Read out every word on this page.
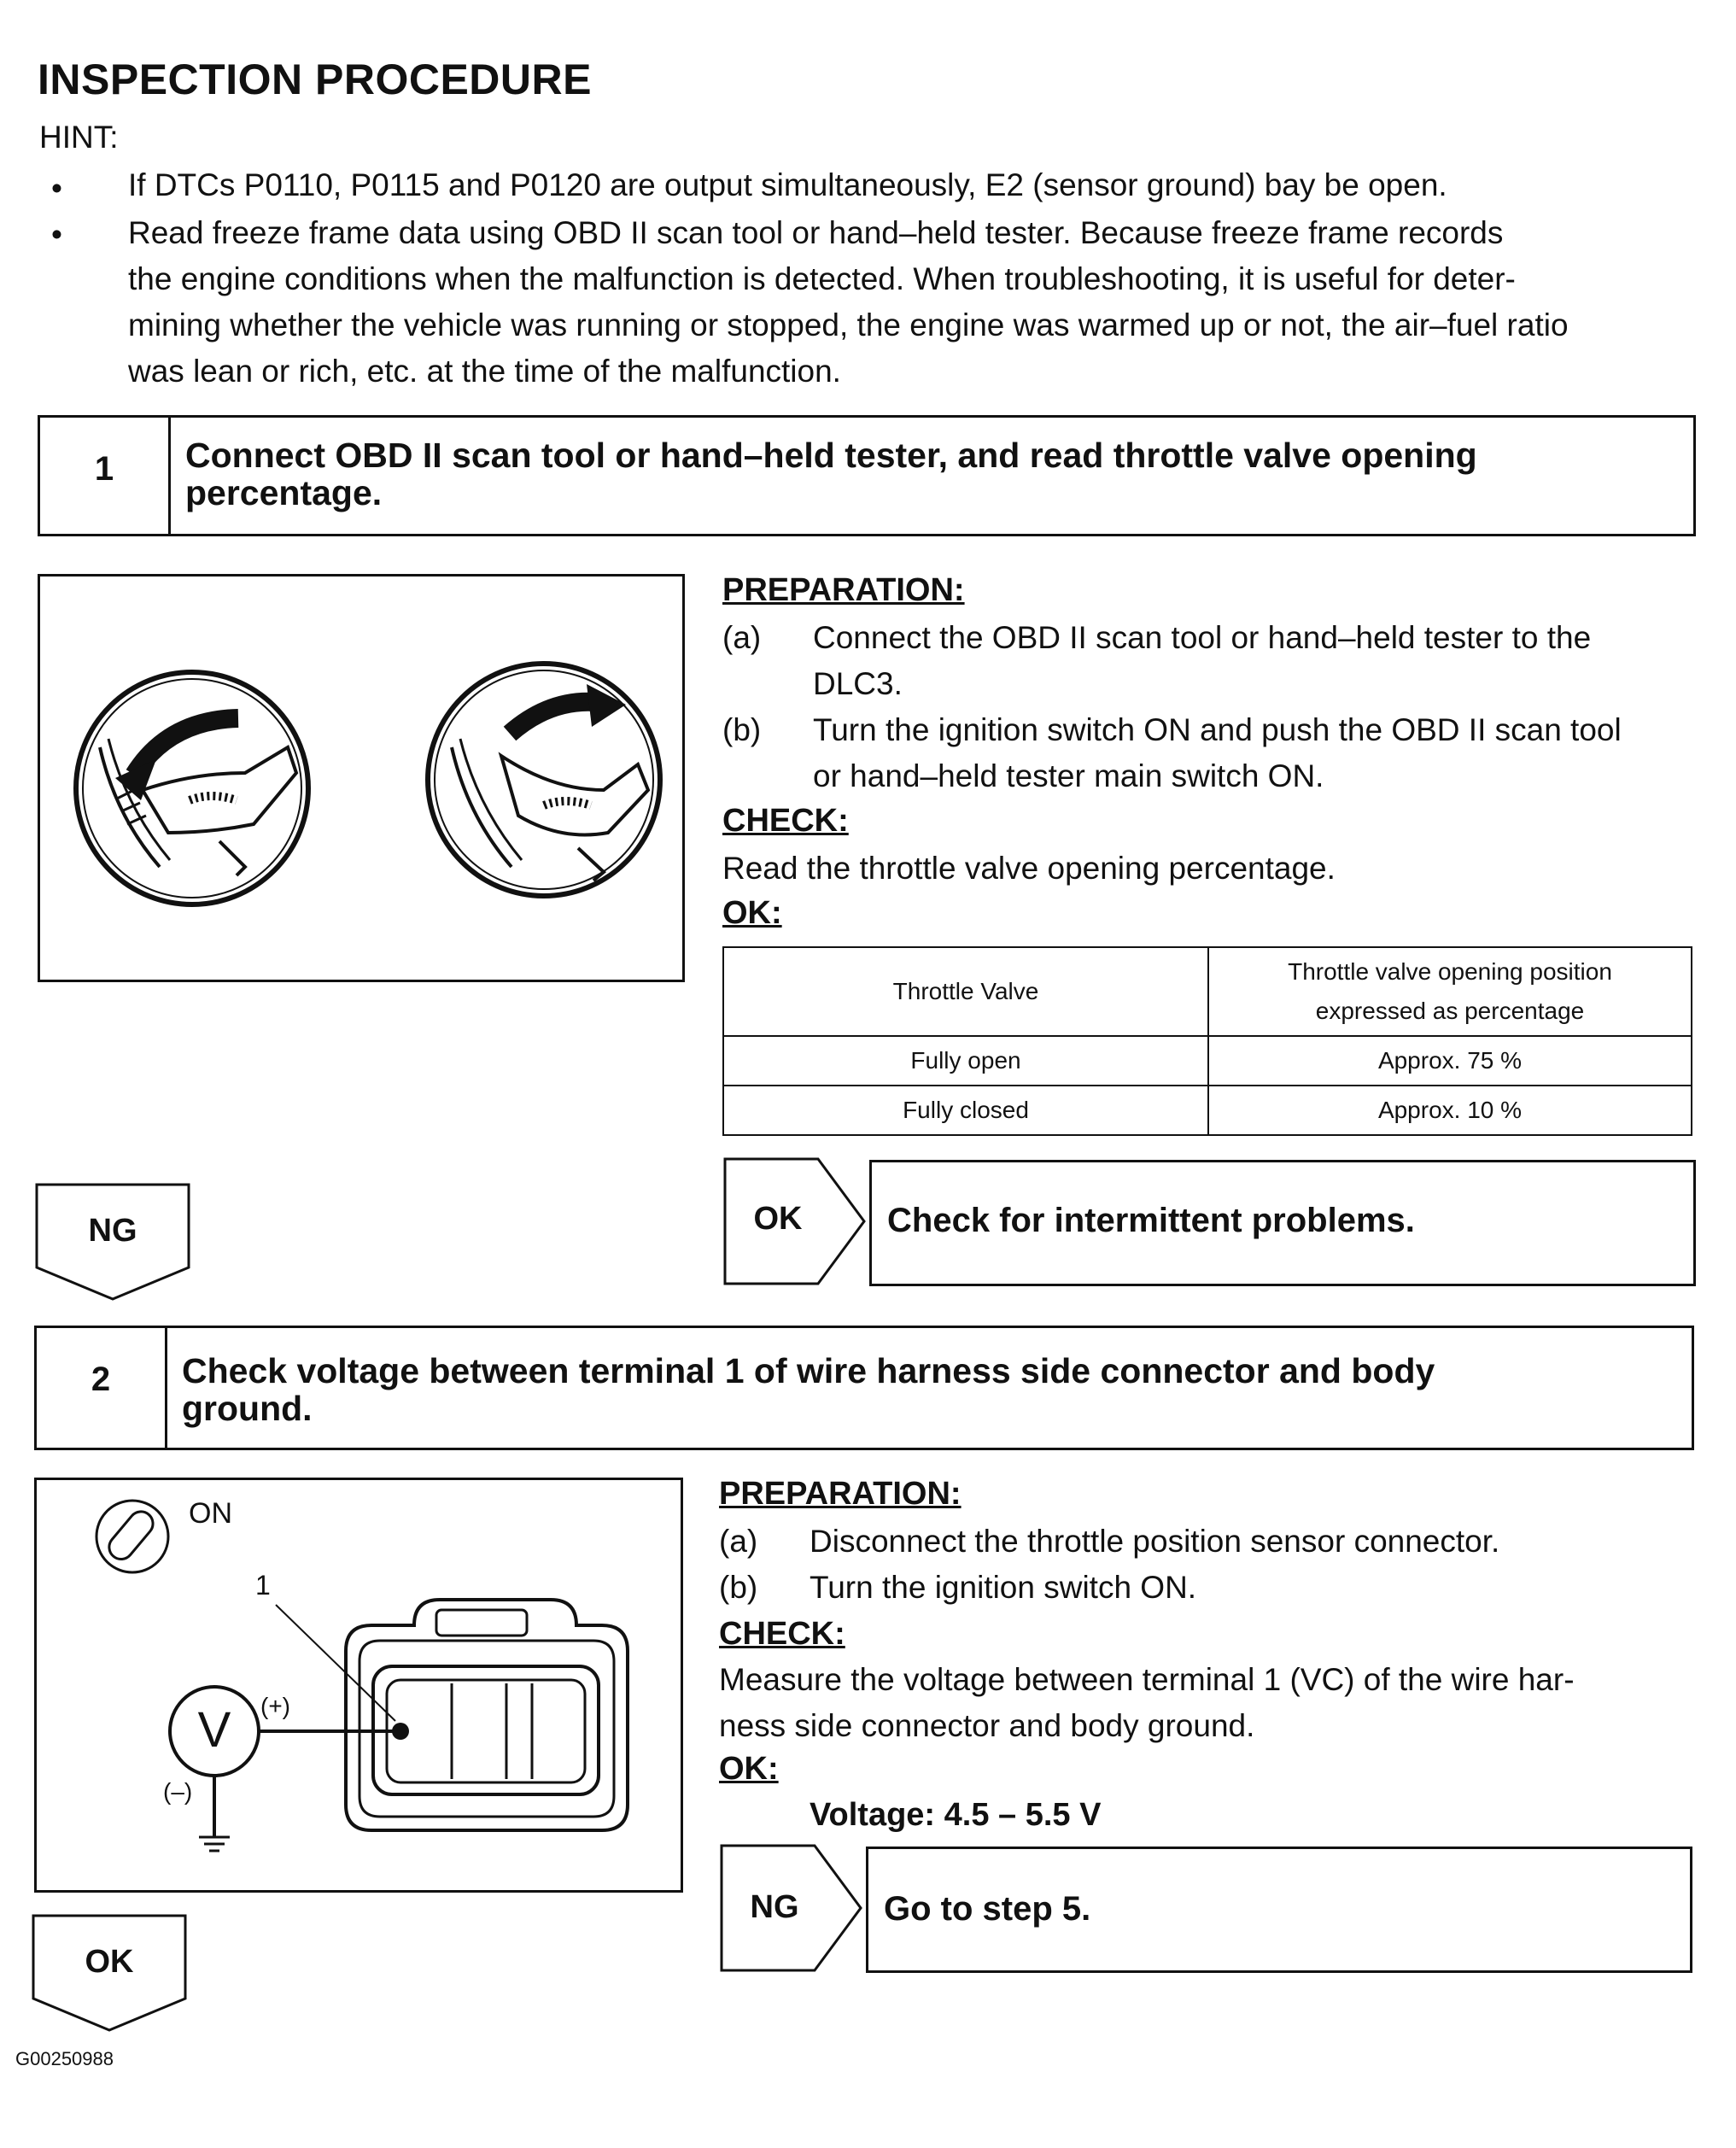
INSPECTION PROCEDURE
HINT:
• If DTCs P0110, P0115 and P0120 are output simultaneously, E2 (sensor ground) bay be open.

• Read freeze frame data using OBD II scan tool or hand–held tester. Because freeze frame records

the engine conditions when the malfunction is detected. When troubleshooting, it is useful for deter-

mining whether the vehicle was running or stopped, the engine was warmed up or not, the air–fuel ratio

was lean or rich, etc. at the time of the malfunction.

1	Connect OBD II scan tool or hand–held tester, and read throttle valve opening
percentage.
PREPARATION:
(a) Connect the OBD II scan tool or hand–held tester to the
DLC3.
(b) Turn the ignition switch ON and push the OBD II scan tool
or hand–held tester main switch ON.
CHECK:
Read the throttle valve opening percentage.
OK:
Throttle Valve	Throttle valve opening position
expressed as percentage

Fully open	Approx. 75 %
Fully closed	Approx. 10 %
NG	OK	Check for intermittent problems.
2	Check voltage between terminal 1 of wire harness side connector and body
ground.
V
ON
1
(+)
(–)
PREPARATION:
(a) Disconnect the throttle position sensor connector.
(b) Turn the ignition switch ON.
CHECK:
Measure the voltage between terminal 1 (VC) of the wire har-
ness side connector and body ground.
OK:
Voltage: 4.5 – 5.5 V
NG	Go to step 5.
OK
G00250988
